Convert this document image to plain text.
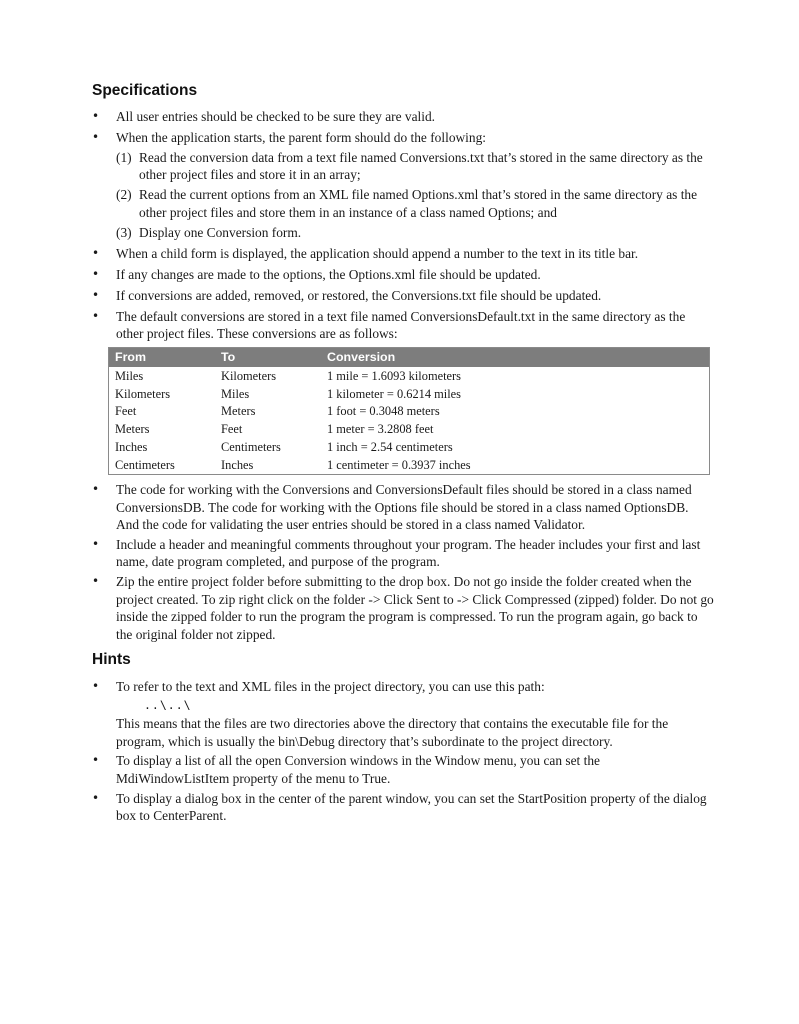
Specifications
• All user entries should be checked to be sure they are valid.
• When the application starts, the parent form should do the following:
(1) Read the conversion data from a text file named Conversions.txt that’s stored in the same directory as the other project files and store it in an array;
(2) Read the current options from an XML file named Options.xml that’s stored in the same directory as the other project files and store them in an instance of a class named Options; and
(3) Display one Conversion form.
• When a child form is displayed, the application should append a number to the text in its title bar.
• If any changes are made to the options, the Options.xml file should be updated.
• If conversions are added, removed, or restored, the Conversions.txt file should be updated.
• The default conversions are stored in a text file named ConversionsDefault.txt in the same directory as the other project files. These conversions are as follows:
From	To	Conversion
Miles	Kilometers	1 mile = 1.6093 kilometers
Kilometers	Miles	1 kilometer = 0.6214 miles
Feet	Meters	1 foot = 0.3048 meters
Meters	Feet	1 meter = 3.2808 feet
Inches	Centimeters	1 inch = 2.54 centimeters
Centimeters	Inches	1 centimeter = 0.3937 inches
• The code for working with the Conversions and ConversionsDefault files should be stored in a class named ConversionsDB. The code for working with the Options file should be stored in a class named OptionsDB. And the code for validating the user entries should be stored in a class named Validator.
• Include a header and meaningful comments throughout your program. The header includes your first and last name, date program completed, and purpose of the program.
• Zip the entire project folder before submitting to the drop box. Do not go inside the folder created when the project created. To zip right click on the folder -> Click Sent to -> Click Compressed (zipped) folder. Do not go inside the zipped folder to run the program the program is compressed. To run the program again, go back to the original folder not zipped.
Hints
• To refer to the text and XML files in the project directory, you can use this path:
..\..\
This means that the files are two directories above the directory that contains the executable file for the program, which is usually the bin\Debug directory that’s subordinate to the project directory.
• To display a list of all the open Conversion windows in the Window menu, you can set the MdiWindowListItem property of the menu to True.
• To display a dialog box in the center of the parent window, you can set the StartPosition property of the dialog box to CenterParent.
